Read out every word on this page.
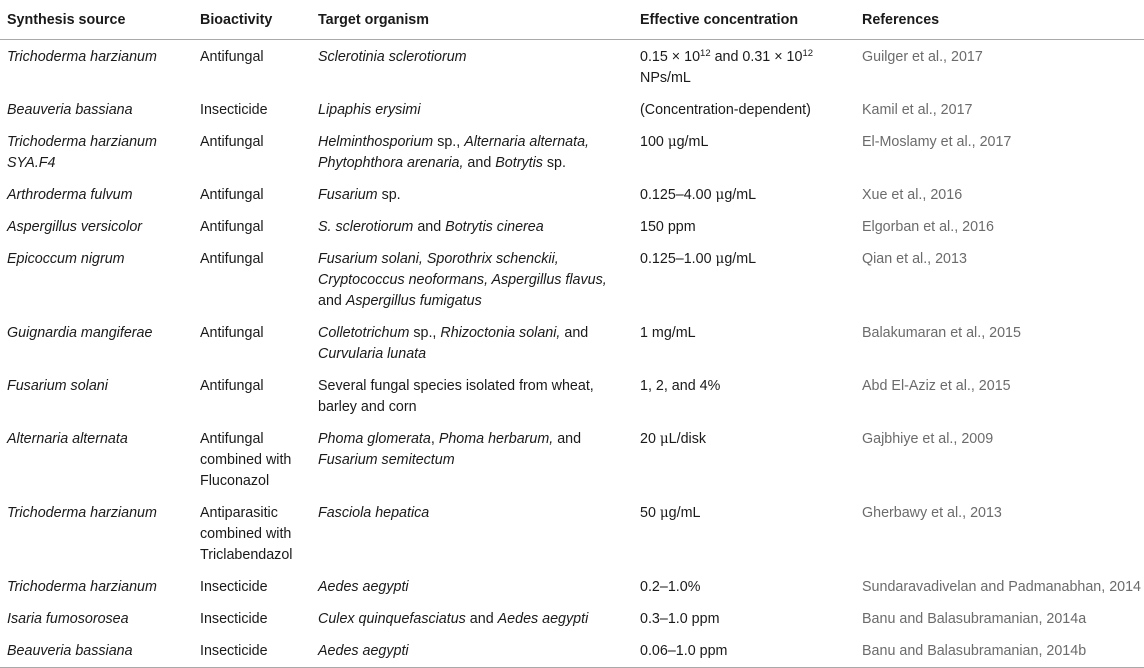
Synthesis source	Bioactivity	Target organism	Effective concentration	References
Trichoderma harzianum	Antifungal	Sclerotinia sclerotiorum	$0.15 \times 10^{12}$ and $0.31 \times 10^{12}$ NPs/mL	Guilger et al., 2017
Beauveria bassiana	Insecticide	Lipaphis erysimi	(Concentration-dependent)	Kamil et al., 2017
Trichoderma harzianum SYA.F4	Antifungal	Helminthosporium sp., Alternaria alternata, Phytophthora arenaria, and Botrytis sp.	100 μg/mL	El-Moslamy et al., 2017
Arthroderma fulvum	Antifungal	Fusarium sp.	0.125–4.00 μg/mL	Xue et al., 2016
Aspergillus versicolor	Antifungal	S. sclerotiorum and Botrytis cinerea	150 ppm	Elgorban et al., 2016
Epicoccum nigrum	Antifungal	Fusarium solani, Sporothrix schenckii, Cryptococcus neoformans, Aspergillus flavus, and Aspergillus fumigatus	0.125–1.00 μg/mL	Qian et al., 2013
Guignardia mangiferae	Antifungal	Colletotrichum sp., Rhizoctonia solani, and Curvularia lunata	1 mg/mL	Balakumaran et al., 2015
Fusarium solani	Antifungal	Several fungal species isolated from wheat, barley and corn	1, 2, and 4%	Abd El-Aziz et al., 2015
Alternaria alternata	Antifungal combined with Fluconazol	Phoma glomerata, Phoma herbarum, and Fusarium semitectum	20 μL/disk	Gajbhiye et al., 2009
Trichoderma harzianum	Antiparasitic combined with Triclabendazol	Fasciola hepatica	50 μg/mL	Gherbawy et al., 2013
Trichoderma harzianum	Insecticide	Aedes aegypti	0.2–1.0%	Sundaravadivelan and Padmanabhan, 2014
Isaria fumosorosea	Insecticide	Culex quinquefasciatus and Aedes aegypti	0.3–1.0 ppm	Banu and Balasubramanian, 2014a
Beauveria bassiana	Insecticide	Aedes aegypti	0.06–1.0 ppm	Banu and Balasubramanian, 2014b
